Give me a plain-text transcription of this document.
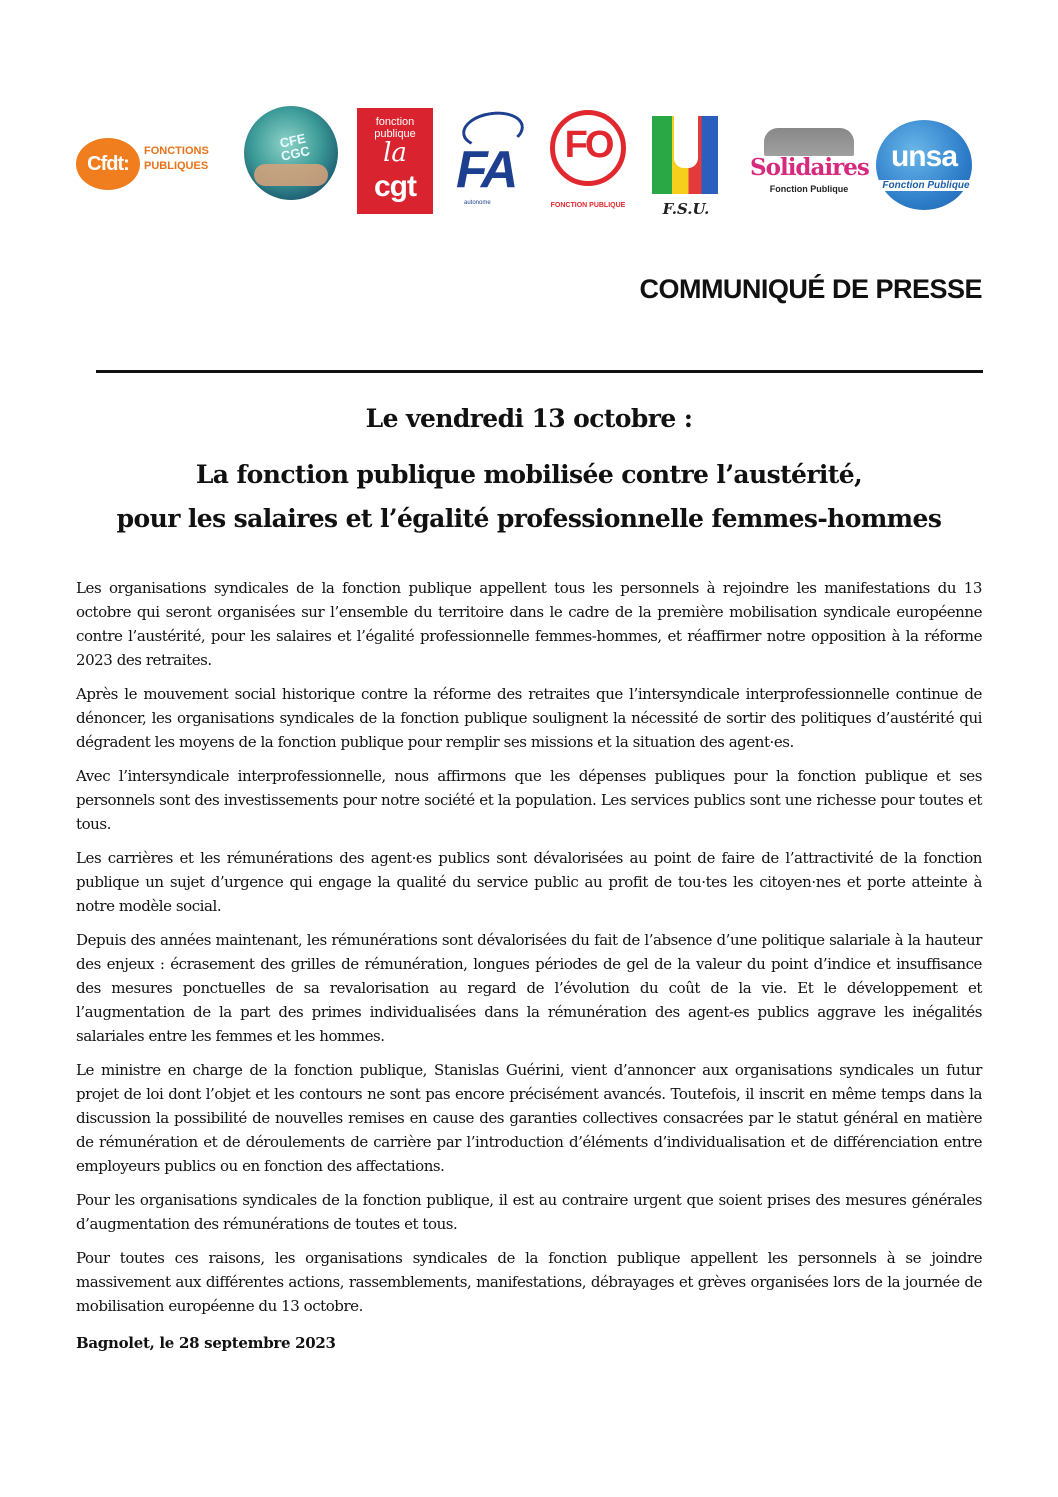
Cfdt:
FONCTIONS PUBLIQUES
CFE CGC
fonction publique
la
cgt FA
autonome
FO
FONCTION PUBLIQUE	F.S.U.
Solidaires
Fonction Publique
unsa
Fonction Publique
COMMUNIQUÉ DE PRESSE
Le vendredi 13 octobre :
La fonction publique mobilisée contre l’austérité,
pour les salaires et l’égalité professionnelle femmes-hommes

Les organisations syndicales de la fonction publique appellent tous les personnels à rejoindre les manifestations du 13 octobre qui seront organisées sur l’ensemble du territoire dans le cadre de la première mobilisation syndicale européenne contre l’austérité, pour les salaires et l’égalité professionnelle femmes-hommes, et réaffirmer notre opposition à la réforme 2023 des retraites.

Après le mouvement social historique contre la réforme des retraites que l’intersyndicale interprofessionnelle continue de dénoncer, les organisations syndicales de la fonction publique soulignent la nécessité de sortir des politiques d’austérité qui dégradent les moyens de la fonction publique pour remplir ses missions et la situation des agent·es.

Avec l’intersyndicale interprofessionnelle, nous affirmons que les dépenses publiques pour la fonction publique et ses personnels sont des investissements pour notre société et la population. Les services publics sont une richesse pour toutes et tous.

Les carrières et les rémunérations des agent·es publics sont dévalorisées au point de faire de l’attractivité de la fonction publique un sujet d’urgence qui engage la qualité du service public au profit de tou·tes les citoyen·nes et porte atteinte à notre modèle social.

Depuis des années maintenant, les rémunérations sont dévalorisées du fait de l’absence d’une politique salariale à la hauteur des enjeux : écrasement des grilles de rémunération, longues périodes de gel de la valeur du point d’indice et insuffisance des mesures ponctuelles de sa revalorisation au regard de l’évolution du coût de la vie. Et le développement et l’augmentation de la part des primes individualisées dans la rémunération des agent-es publics aggrave les inégalités salariales entre les femmes et les hommes.

Le ministre en charge de la fonction publique, Stanislas Guérini, vient d’annoncer aux organisations syndicales un futur projet de loi dont l’objet et les contours ne sont pas encore précisément avancés. Toutefois, il inscrit en même temps dans la discussion la possibilité de nouvelles remises en cause des garanties collectives consacrées par le statut général en matière de rémunération et de déroulements de carrière par l’introduction d’éléments d’individualisation et de différenciation entre employeurs publics ou en fonction des affectations.

Pour les organisations syndicales de la fonction publique, il est au contraire urgent que soient prises des mesures générales d’augmentation des rémunérations de toutes et tous.

Pour toutes ces raisons, les organisations syndicales de la fonction publique appellent les personnels à se joindre massivement aux différentes actions, rassemblements, manifestations, débrayages et grèves organisées lors de la journée de mobilisation européenne du 13 octobre.

Bagnolet, le 28 septembre 2023
